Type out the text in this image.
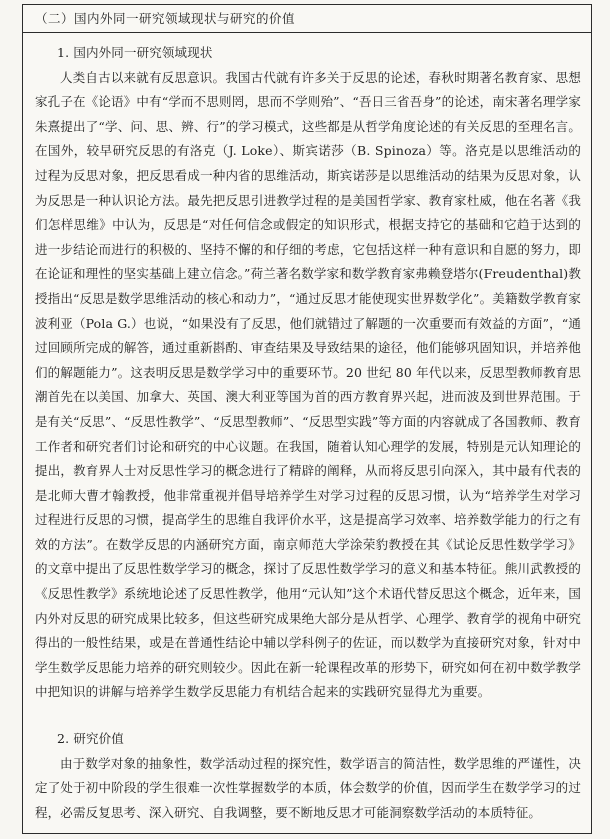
（二）国内外同一研究领域现状与研究的价值

1. 国内外同一研究领域现状

人类自古以来就有反思意识。我国古代就有许多关于反思的论述，春秋时期著名教育家、思想家孔子在《论语》中有“学而不思则罔，思而不学则殆”、“吾日三省吾身”的论述，南宋著名理学家朱熹提出了“学、问、思、辨、行”的学习模式，这些都是从哲学角度论述的有关反思的至理名言。在国外，较早研究反思的有洛克（J. Loke）、斯宾诺莎（B. Spinoza）等。洛克是以思维活动的过程为反思对象，把反思看成一种内省的思维活动，斯宾诺莎是以思维活动的结果为反思对象，认为反思是一种认识论方法。最先把反思引进教学过程的是美国哲学家、教育家杜威，他在名著《我们怎样思维》中认为，反思是“对任何信念或假定的知识形式，根据支持它的基础和它趋于达到的进一步结论而进行的积极的、坚持不懈的和仔细的考虑，它包括这样一种有意识和自愿的努力，即在论证和理性的坚实基础上建立信念。”荷兰著名数学家和数学教育家弗赖登塔尔(Freudenthal)教授指出“反思是数学思维活动的核心和动力”，“通过反思才能使现实世界数学化”。美籍数学教育家波利亚（Pola G.）也说，“如果没有了反思，他们就错过了解题的一次重要而有效益的方面”，“通过回顾所完成的解答，通过重新斟酌、审查结果及导致结果的途径，他们能够巩固知识，并培养他们的解题能力”。这表明反思是数学学习中的重要环节。20 世纪 80 年代以来，反思型教师教育思潮首先在以美国、加拿大、英国、澳大利亚等国为首的西方教育界兴起，进而波及到世界范围。于是有关“反思”、“反思性教学”、“反思型教师”、“反思型实践”等方面的内容就成了各国教师、教育工作者和研究者们讨论和研究的中心议题。在我国，随着认知心理学的发展，特别是元认知理论的提出，教育界人士对反思性学习的概念进行了精辟的阐释，从而将反思引向深入，其中最有代表的是北师大曹才翰教授，他非常重视并倡导培养学生对学习过程的反思习惯，认为“培养学生对学习过程进行反思的习惯，提高学生的思维自我评价水平，这是提高学习效率、培养数学能力的行之有效的方法”。在数学反思的内涵研究方面，南京师范大学涂荣豹教授在其《试论反思性数学学习》的文章中提出了反思性数学学习的概念，探讨了反思性数学学习的意义和基本特征。熊川武教授的《反思性教学》系统地论述了反思性教学，他用“元认知”这个术语代替反思这个概念，近年来，国内外对反思的研究成果比较多，但这些研究成果绝大部分是从哲学、心理学、教育学的视角中研究得出的一般性结果，或是在普通性结论中辅以学科例子的佐证，而以数学为直接研究对象，针对中学生数学反思能力培养的研究则较少。因此在新一轮课程改革的形势下，研究如何在初中数学教学中把知识的讲解与培养学生数学反思能力有机结合起来的实践研究显得尤为重要。

2. 研究价值

由于数学对象的抽象性，数学活动过程的探究性，数学语言的简洁性，数学思维的严谨性，决定了处于初中阶段的学生很难一次性掌握数学的本质，体会数学的价值，因而学生在数学学习的过程，必需反复思考、深入研究、自我调整，要不断地反思才可能洞察数学活动的本质特征。
